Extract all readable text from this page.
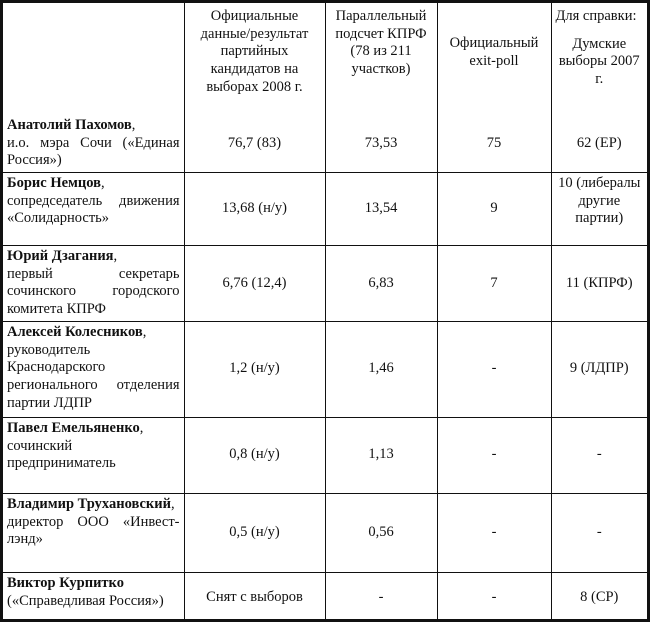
	Официальные данные/результат партийных кандидатов на выборах 2008 г.	Параллельный подсчет КПРФ (78 из 211 участков)	Официальный exit-poll	Для справки:
Думские выборы 2007 г.

Анатолий Пахомов,
и.о. мэра Сочи («Единая Россия»)	76,7 (83)	73,53	75	62 (ЕР)
Борис Немцов,
сопредседатель движения «Солидарность»	13,68 (н/у)	13,54	9	10 (либералы другие партии)
Юрий Дзагания,
первый секретарь сочинского городского комитета КПРФ	6,76 (12,4)	6,83	7	11 (КПРФ)
Алексей Колесников,
руководитель Краснодарского регионального отделения партии ЛДПР	1,2 (н/у)	1,46	-	9 (ЛДПР)
Павел Емельяненко,
сочинский предприниматель	0,8 (н/у)	1,13	-	-
Владимир Трухановский,
директор ООО «Инвест-лэнд»	0,5 (н/у)	0,56	-	-
Виктор Курпитко
(«Справедливая Россия»)	Снят с выборов	-	-	8 (СР)
